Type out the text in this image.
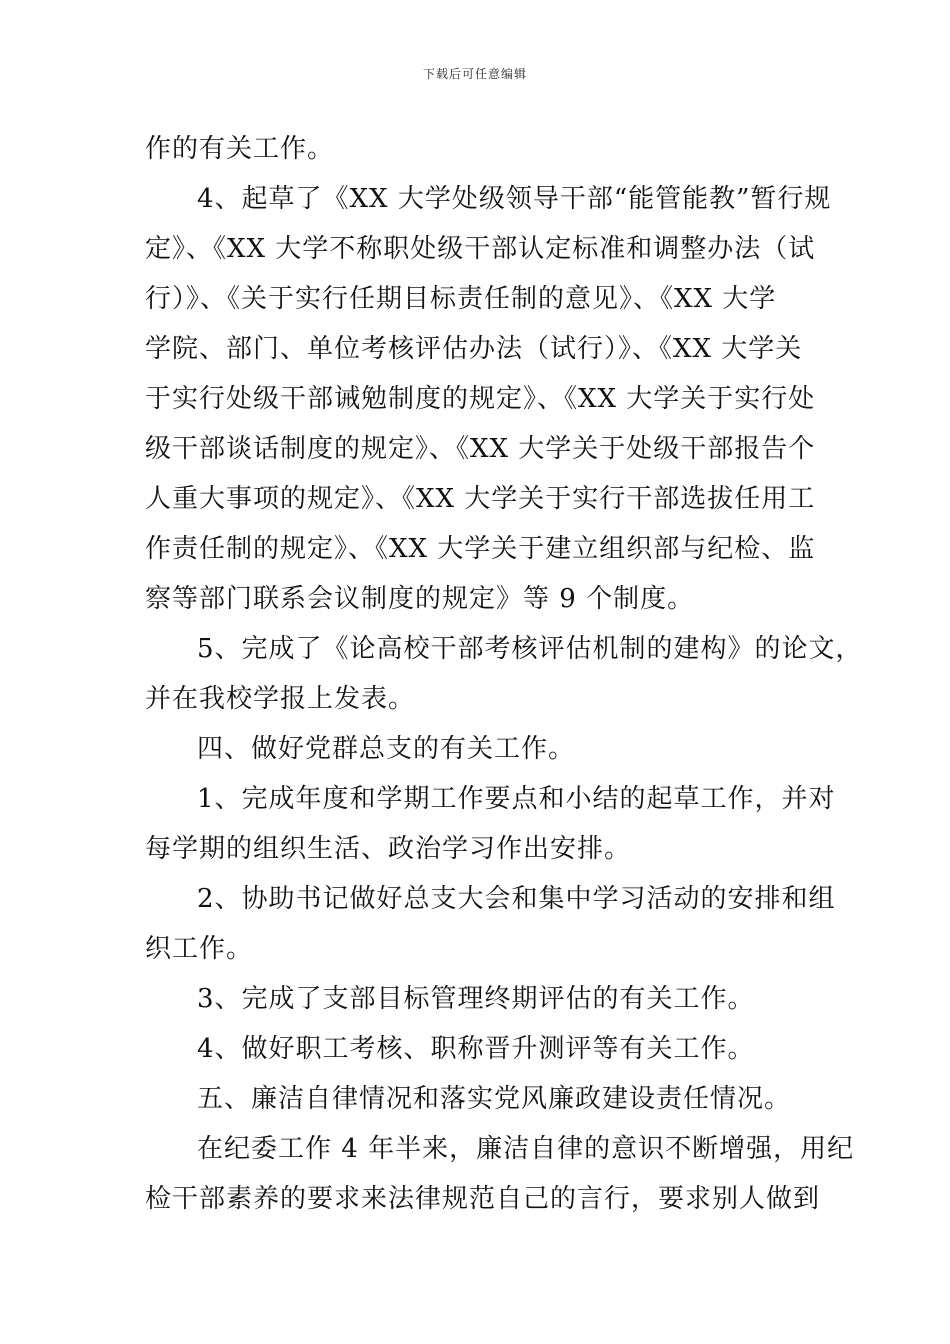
下载后可任意编辑
作的有关工作。
4、起草了《XX 大学处级领导干部“能管能教”暂行规
定》、《XX 大学不称职处级干部认定标准和调整办法（试
行）》、《关于实行任期目标责任制的意见》、《XX 大学
学院、部门、单位考核评估办法（试行）》、《XX 大学关
于实行处级干部诫勉制度的规定》、《XX 大学关于实行处
级干部谈话制度的规定》、《XX 大学关于处级干部报告个
人重大事项的规定》、《XX 大学关于实行干部选拔任用工
作责任制的规定》、《XX 大学关于建立组织部与纪检、监
察等部门联系会议制度的规定》等 9 个制度。
5、完成了《论高校干部考核评估机制的建构》的论文，
并在我校学报上发表。
四、做好党群总支的有关工作。
1、完成年度和学期工作要点和小结的起草工作，并对
每学期的组织生活、政治学习作出安排。
2、协助书记做好总支大会和集中学习活动的安排和组
织工作。
3、完成了支部目标管理终期评估的有关工作。
4、做好职工考核、职称晋升测评等有关工作。
五、廉洁自律情况和落实党风廉政建设责任情况。
在纪委工作 4 年半来，廉洁自律的意识不断增强，用纪
检干部素养的要求来法律规范自己的言行，要求别人做到
